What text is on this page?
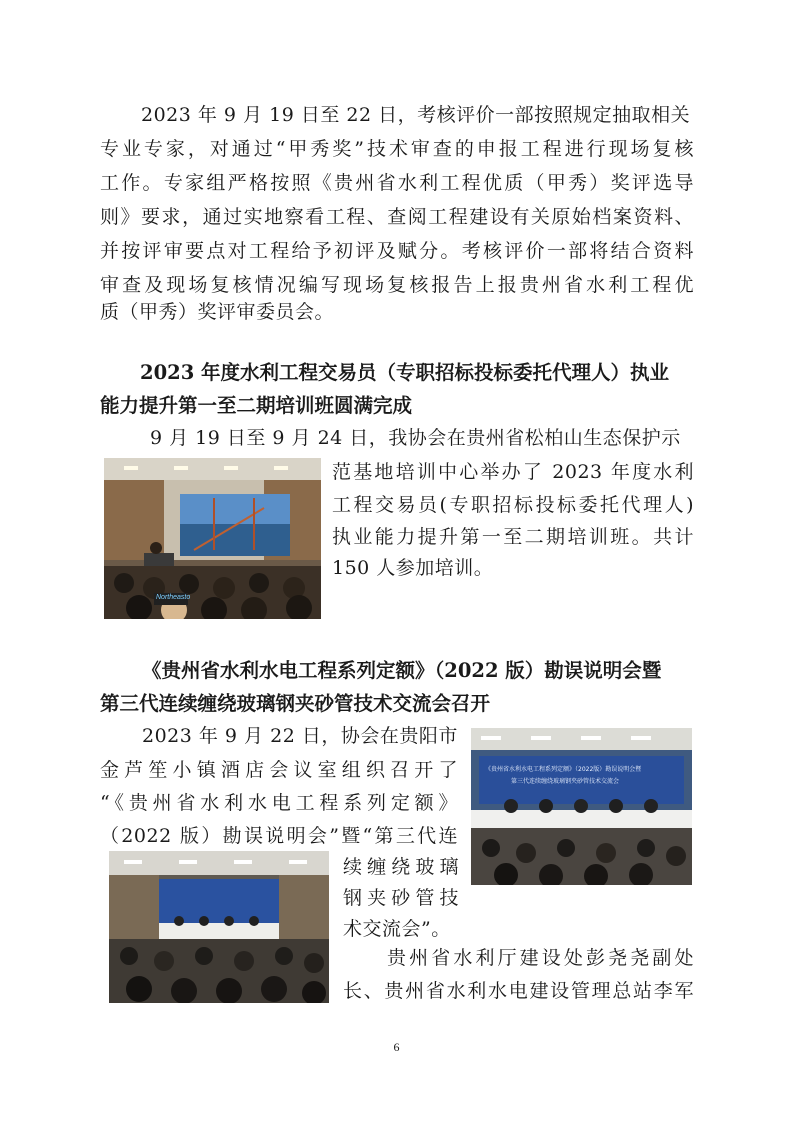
2023 年 9 月 19 日至 22 日，考核评价一部按照规定抽取相关
专业专家，对通过“甲秀奖”技术审查的申报工程进行现场复核
工作。专家组严格按照《贵州省水利工程优质（甲秀）奖评选导
则》要求，通过实地察看工程、查阅工程建设有关原始档案资料、
并按评审要点对工程给予初评及赋分。考核评价一部将结合资料
审查及现场复核情况编写现场复核报告上报贵州省水利工程优
质（甲秀）奖评审委员会。
2023 年度水利工程交易员（专职招标投标委托代理人）执业
能力提升第一至二期培训班圆满完成
9 月 19 日至 9 月 24 日，我协会在贵州省松柏山生态保护示
范基地培训中心举办了 2023 年度水利
工程交易员(专职招标投标委托代理人)
执业能力提升第一至二期培训班。共计
150 人参加培训。
Northeasto
《贵州省水利水电工程系列定额》（2022 版）勘误说明会暨
第三代连续缠绕玻璃钢夹砂管技术交流会召开
2023 年 9 月 22 日，协会在贵阳市
金芦笙小镇酒店会议室组织召开了
“《贵州省水利水电工程系列定额》
（2022 版）勘误说明会”暨“第三代连
续缠绕玻璃
钢夹砂管技
术交流会”。
贵州省水利厅建设处彭尧尧副处
长、贵州省水利水电建设管理总站李军
《贵州省水利水电工程系列定额》（2022版）勘误说明会暨
第三代连续缠绕玻璃钢夹砂管技术交流会
6
